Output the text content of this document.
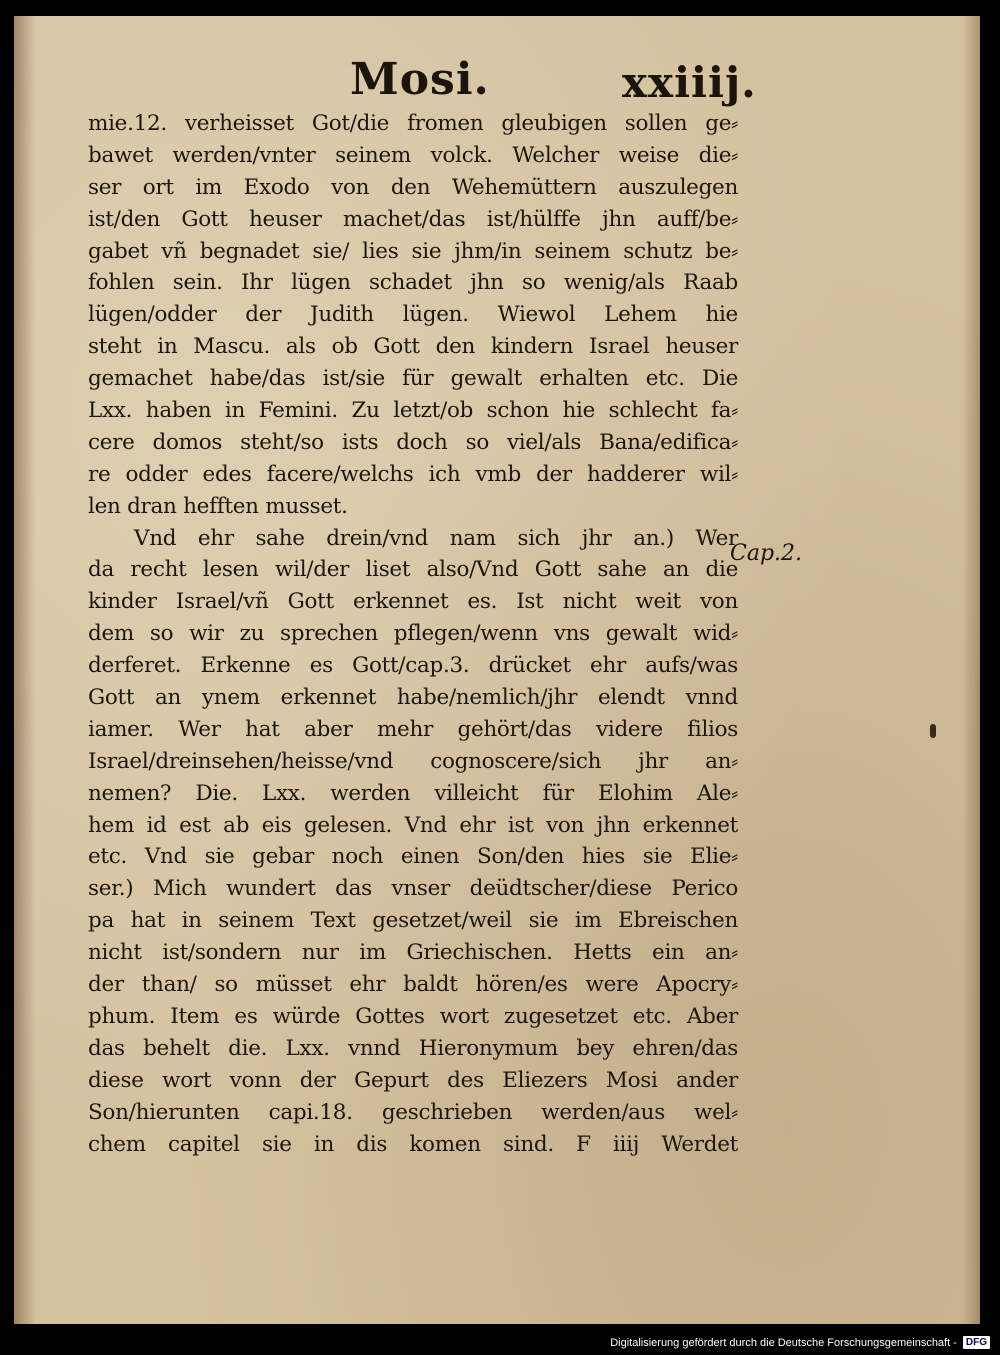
Mosi.	xxiiij.
mie.12. verheisset Got/die fromen gleubigen sollen ge⸗
bawet werden/vnter seinem volck. Welcher weise die⸗
ser ort im Exodo von den Wehemüttern auszulegen
ist/den Gott heuser machet/das ist/hülffe jhn auff/be⸗
gabet vñ begnadet sie/ lies sie jhm/in seinem schutz be⸗
fohlen sein. Ihr lügen schadet jhn so wenig/als Raab
lügen/odder der Judith lügen. Wiewol Lehem hie
steht in Mascu. als ob Gott den kindern Israel heuser
gemachet habe/das ist/sie für gewalt erhalten etc. Die
Lxx. haben in Femini. Zu letzt/ob schon hie schlecht fa⸗
cere domos steht/so ists doch so viel/als Bana/edifica⸗
re odder edes facere/welchs ich vmb der hadderer wil⸗
len dran hefften musset.
Vnd ehr sahe drein/vnd nam sich jhr an.) Wer
da recht lesen wil/der liset also/Vnd Gott sahe an die
kinder Israel/vñ Gott erkennet es. Ist nicht weit von
dem so wir zu sprechen pflegen/wenn vns gewalt wid⸗
derferet. Erkenne es Gott/cap.3. drücket ehr aufs/was
Gott an ynem erkennet habe/nemlich/jhr elendt vnnd
iamer. Wer hat aber mehr gehört/das videre filios
Israel/dreinsehen/heisse/vnd cognoscere/sich jhr an⸗
nemen? Die. Lxx. werden villeicht für Elohim Ale⸗
hem id est ab eis gelesen. Vnd ehr ist von jhn erkennet
etc. Vnd sie gebar noch einen Son/den hies sie Elie⸗
ser.) Mich wundert das vnser deüdtscher/diese Perico
pa hat in seinem Text gesetzet/weil sie im Ebreischen
nicht ist/sondern nur im Griechischen. Hetts ein an⸗
der than/ so müsset ehr baldt hören/es were Apocry⸗
phum. Item es würde Gottes wort zugesetzet etc. Aber
das behelt die. Lxx. vnnd Hieronymum bey ehren/das
diese wort vonn der Gepurt des Eliezers Mosi ander
Son/hierunten capi.18. geschrieben werden/aus wel⸗
chem capitel sie in dis komen sind. F iiij Werdet
Cap.2.
Digitalisierung gefördert durch die Deutsche Forschungsgemeinschaft - DFG
